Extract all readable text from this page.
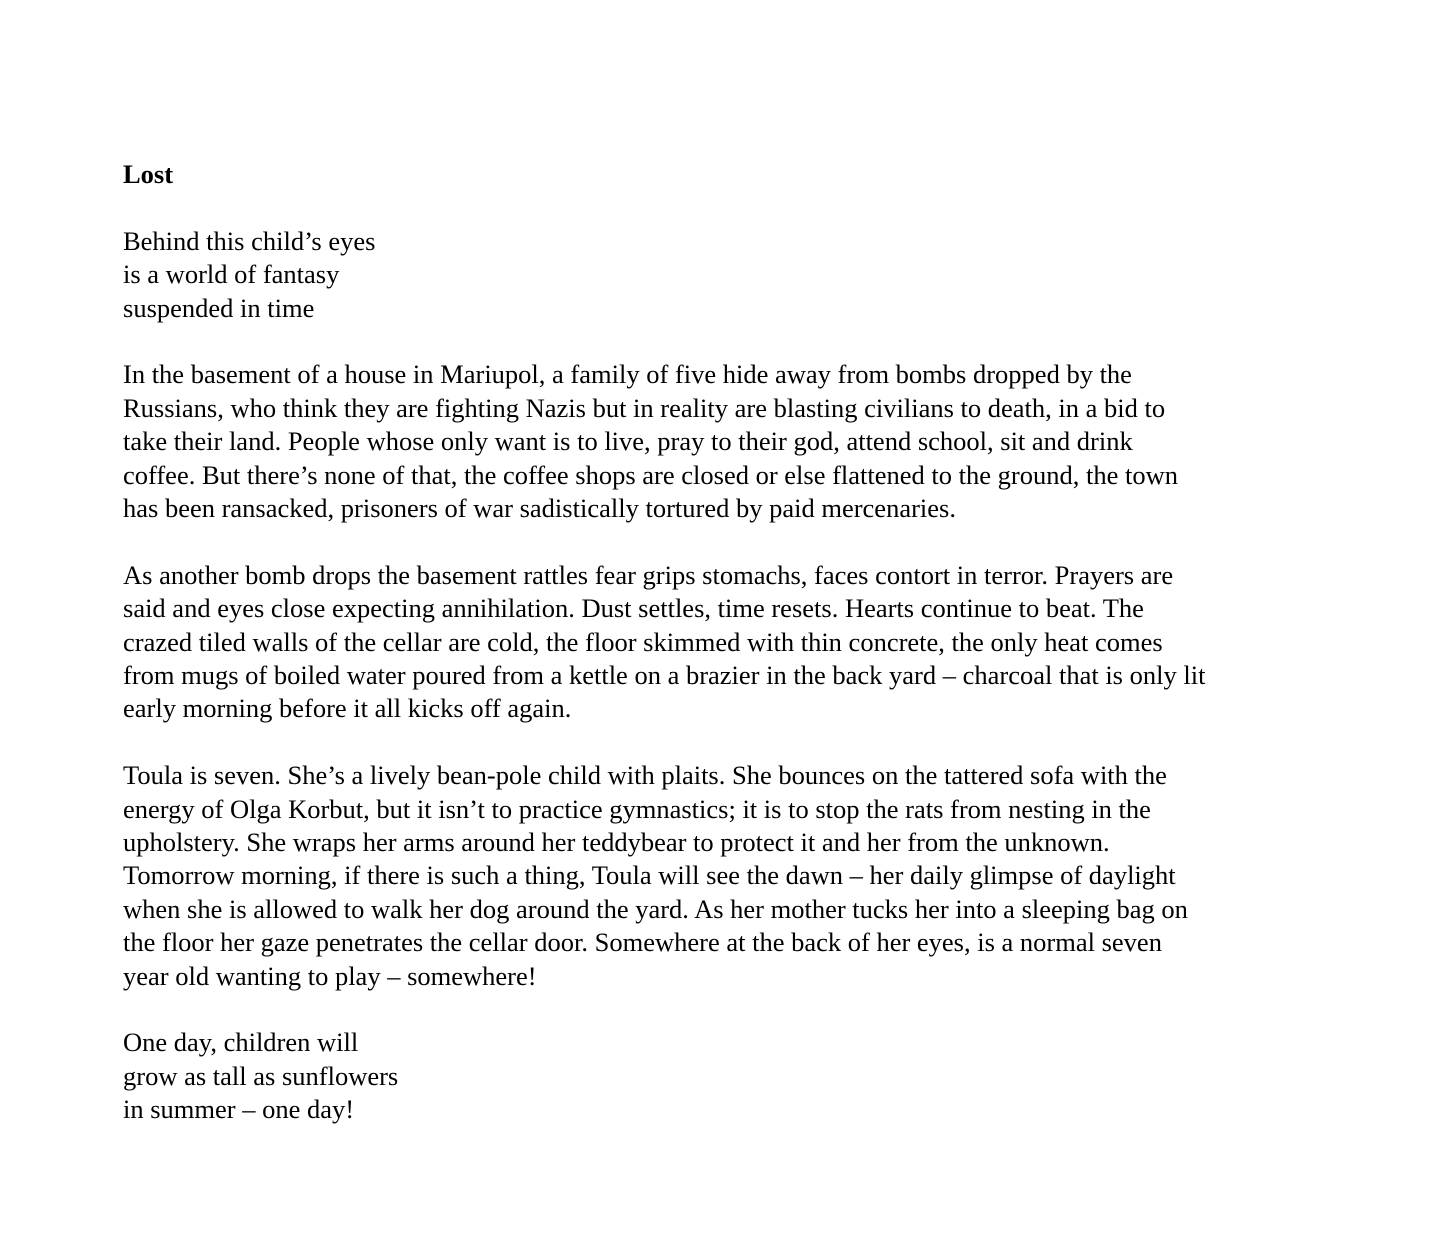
Lost
Behind this child’s eyes
is a world of fantasy
suspended in time
In the basement of a house in Mariupol, a family of five hide away from bombs dropped by the
Russians, who think they are fighting Nazis but in reality are blasting civilians to death, in a bid to
take their land. People whose only want is to live, pray to their god, attend school, sit and drink
coffee. But there’s none of that, the coffee shops are closed or else flattened to the ground, the town
has been ransacked, prisoners of war sadistically tortured by paid mercenaries.
As another bomb drops the basement rattles fear grips stomachs, faces contort in terror. Prayers are
said and eyes close expecting annihilation. Dust settles, time resets. Hearts continue to beat. The
crazed tiled walls of the cellar are cold, the floor skimmed with thin concrete, the only heat comes
from mugs of boiled water poured from a kettle on a brazier in the back yard – charcoal that is only lit
early morning before it all kicks off again.
Toula is seven. She’s a lively bean-pole child with plaits. She bounces on the tattered sofa with the
energy of Olga Korbut, but it isn’t to practice gymnastics; it is to stop the rats from nesting in the
upholstery. She wraps her arms around her teddybear to protect it and her from the unknown.
Tomorrow morning, if there is such a thing, Toula will see the dawn – her daily glimpse of daylight
when she is allowed to walk her dog around the yard. As her mother tucks her into a sleeping bag on
the floor her gaze penetrates the cellar door. Somewhere at the back of her eyes, is a normal seven
year old wanting to play – somewhere!
One day, children will
grow as tall as sunflowers
in summer – one day!
